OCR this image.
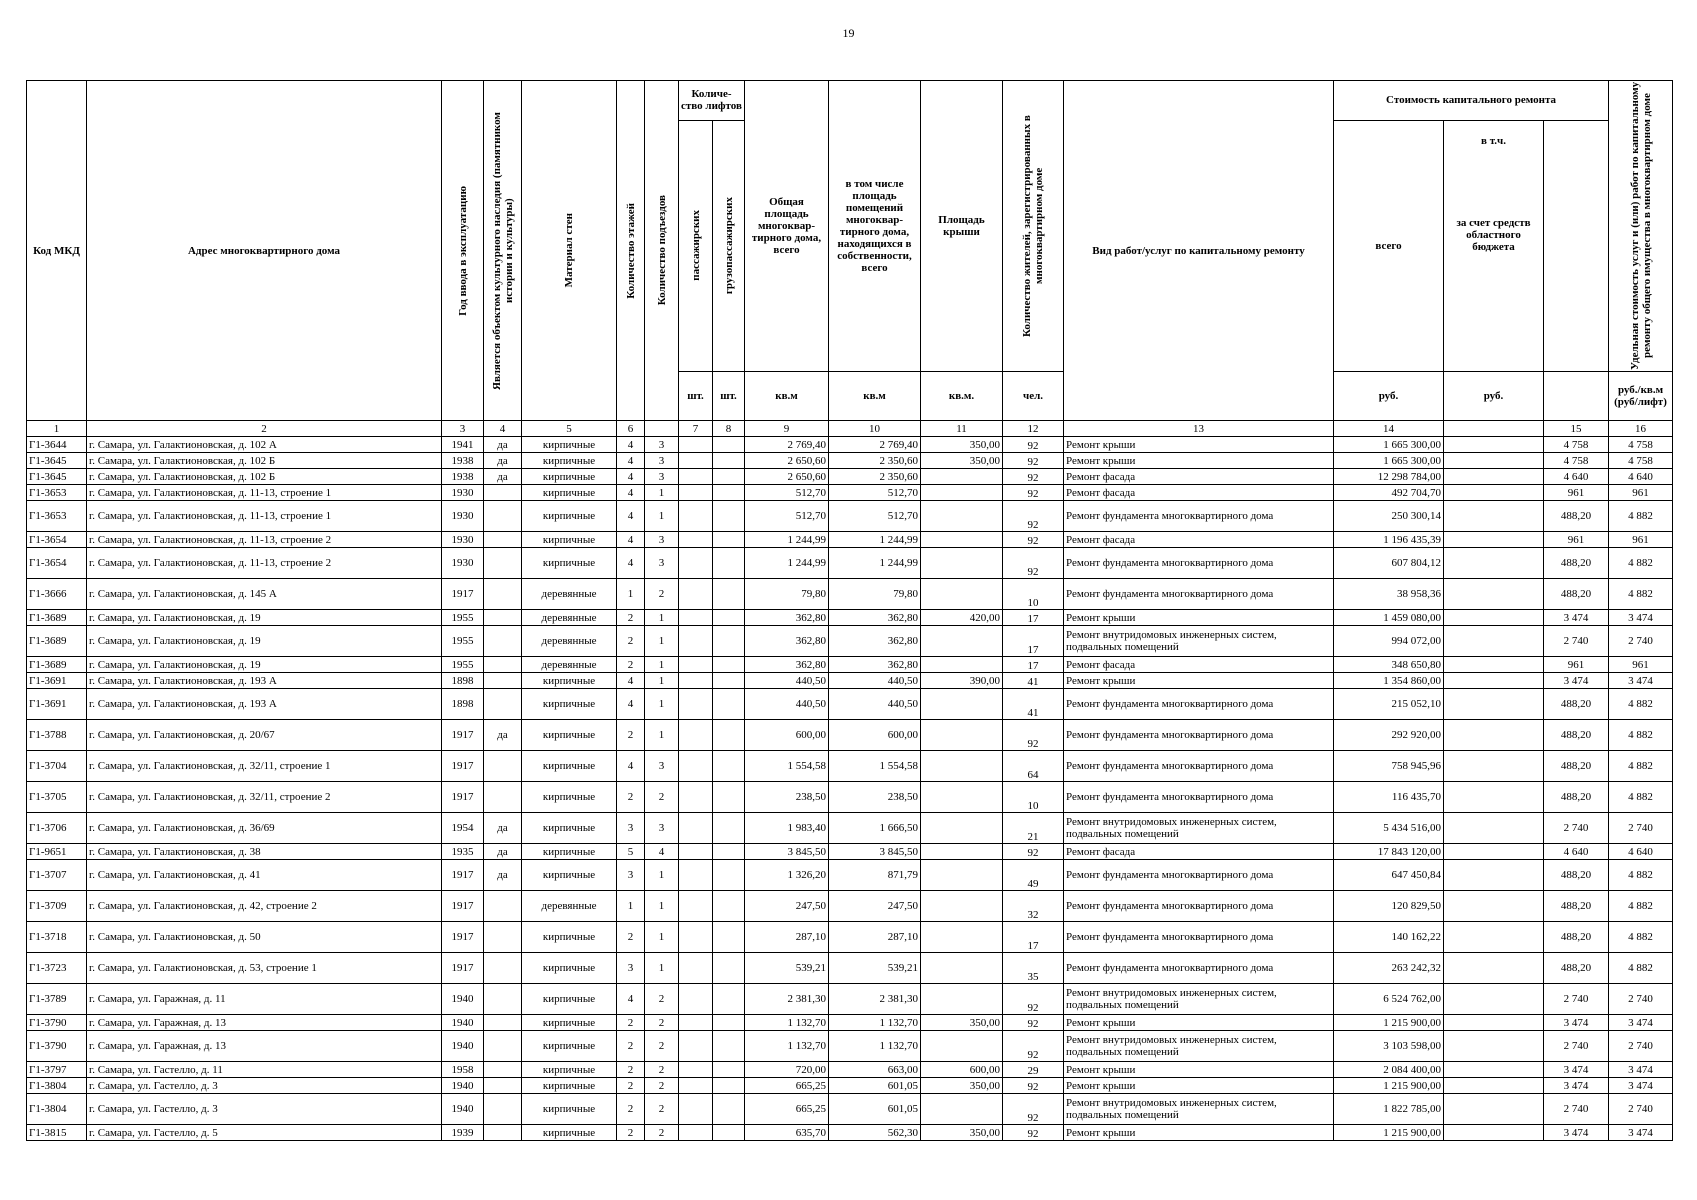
19
Код МКД	Адрес многоквартирного дома	Год ввода в эксплуатацию	Является объектом культурного наследия (памятником истории и культуры)	Материал стен	Количество этажей	Количество подъездов	Количе-ство лифтов		Общая площадь многоквар-тирного дома, всего	в том числе площадь помещений многоквар-тирного дома, находящихся в собственности, всего	Площадь крыши	Количество жителей, зарегистрированных в многоквартирном доме	Вид работ/услуг по капитальному ремонту	Стоимость капитального ремонта			Удельная стоимость услуг и (или) работ по капитальному ремонту общего имущества в многоквартирном доме

							пассажирских	грузопассажирских						всего	в т.ч.
за счет средств областного бюджета			

							шт.	шт.	кв.м	кв.м	кв.м.	чел.		руб.	руб.		руб./кв.м (руб/лифт)	
1	2	3	4	5	6		7	8	9	10	11	12	13	14		15	16	
Г1-3644	г. Самара, ул. Галактионовская, д. 102 А	1941	да	кирпичные	4	3			2 769,40	2 769,40	350,00	92	Ремонт крыши	1 665 300,00		4 758	4 758	
Г1-3645	г. Самара, ул. Галактионовская, д. 102 Б	1938	да	кирпичные	4	3			2 650,60	2 350,60	350,00	92	Ремонт крыши	1 665 300,00		4 758	4 758	
Г1-3645	г. Самара, ул. Галактионовская, д. 102 Б	1938	да	кирпичные	4	3			2 650,60	2 350,60		92	Ремонт фасада	12 298 784,00		4 640	4 640	
Г1-3653	г. Самара, ул. Галактионовская, д. 11-13, строение 1	1930		кирпичные	4	1			512,70	512,70		92	Ремонт фасада	492 704,70		961	961	
Г1-3653	г. Самара, ул. Галактионовская, д. 11-13, строение 1	1930		кирпичные	4	1			512,70	512,70		92	Ремонт фундамента многоквартирного дома	250 300,14		488,20	4 882	
Г1-3654	г. Самара, ул. Галактионовская, д. 11-13, строение 2	1930		кирпичные	4	3			1 244,99	1 244,99		92	Ремонт фасада	1 196 435,39		961	961	
Г1-3654	г. Самара, ул. Галактионовская, д. 11-13, строение 2	1930		кирпичные	4	3			1 244,99	1 244,99		92	Ремонт фундамента многоквартирного дома	607 804,12		488,20	4 882	
Г1-3666	г. Самара, ул. Галактионовская, д. 145 А	1917		деревянные	1	2			79,80	79,80		10	Ремонт фундамента многоквартирного дома	38 958,36		488,20	4 882	
Г1-3689	г. Самара, ул. Галактионовская, д. 19	1955		деревянные	2	1			362,80	362,80	420,00	17	Ремонт крыши	1 459 080,00		3 474	3 474	
Г1-3689	г. Самара, ул. Галактионовская, д. 19	1955		деревянные	2	1			362,80	362,80		17	Ремонт внутридомовых инженерных систем, подвальных помещений	994 072,00		2 740	2 740	
Г1-3689	г. Самара, ул. Галактионовская, д. 19	1955		деревянные	2	1			362,80	362,80		17	Ремонт фасада	348 650,80		961	961	
Г1-3691	г. Самара, ул. Галактионовская, д. 193 А	1898		кирпичные	4	1			440,50	440,50	390,00	41	Ремонт крыши	1 354 860,00		3 474	3 474	
Г1-3691	г. Самара, ул. Галактионовская, д. 193 А	1898		кирпичные	4	1			440,50	440,50		41	Ремонт фундамента многоквартирного дома	215 052,10		488,20	4 882	
Г1-3788	г. Самара, ул. Галактионовская, д. 20/67	1917	да	кирпичные	2	1			600,00	600,00		92	Ремонт фундамента многоквартирного дома	292 920,00		488,20	4 882	
Г1-3704	г. Самара, ул. Галактионовская, д. 32/11, строение 1	1917		кирпичные	4	3			1 554,58	1 554,58		64	Ремонт фундамента многоквартирного дома	758 945,96		488,20	4 882	
Г1-3705	г. Самара, ул. Галактионовская, д. 32/11, строение 2	1917		кирпичные	2	2			238,50	238,50		10	Ремонт фундамента многоквартирного дома	116 435,70		488,20	4 882	
Г1-3706	г. Самара, ул. Галактионовская, д. 36/69	1954	да	кирпичные	3	3			1 983,40	1 666,50		21	Ремонт внутридомовых инженерных систем, подвальных помещений	5 434 516,00		2 740	2 740	
Г1-9651	г. Самара, ул. Галактионовская, д. 38	1935	да	кирпичные	5	4			3 845,50	3 845,50		92	Ремонт фасада	17 843 120,00		4 640	4 640	
Г1-3707	г. Самара, ул. Галактионовская, д. 41	1917	да	кирпичные	3	1			1 326,20	871,79		49	Ремонт фундамента многоквартирного дома	647 450,84		488,20	4 882	
Г1-3709	г. Самара, ул. Галактионовская, д. 42, строение 2	1917		деревянные	1	1			247,50	247,50		32	Ремонт фундамента многоквартирного дома	120 829,50		488,20	4 882	
Г1-3718	г. Самара, ул. Галактионовская, д. 50	1917		кирпичные	2	1			287,10	287,10		17	Ремонт фундамента многоквартирного дома	140 162,22		488,20	4 882	
Г1-3723	г. Самара, ул. Галактионовская, д. 53, строение 1	1917		кирпичные	3	1			539,21	539,21		35	Ремонт фундамента многоквартирного дома	263 242,32		488,20	4 882	
Г1-3789	г. Самара, ул. Гаражная, д. 11	1940		кирпичные	4	2			2 381,30	2 381,30		92	Ремонт внутридомовых инженерных систем, подвальных помещений	6 524 762,00		2 740	2 740	
Г1-3790	г. Самара, ул. Гаражная, д. 13	1940		кирпичные	2	2			1 132,70	1 132,70	350,00	92	Ремонт крыши	1 215 900,00		3 474	3 474	
Г1-3790	г. Самара, ул. Гаражная, д. 13	1940		кирпичные	2	2			1 132,70	1 132,70		92	Ремонт внутридомовых инженерных систем, подвальных помещений	3 103 598,00		2 740	2 740	
Г1-3797	г. Самара, ул. Гастелло, д. 11	1958		кирпичные	2	2			720,00	663,00	600,00	29	Ремонт крыши	2 084 400,00		3 474	3 474	
Г1-3804	г. Самара, ул. Гастелло, д. 3	1940		кирпичные	2	2			665,25	601,05	350,00	92	Ремонт крыши	1 215 900,00		3 474	3 474	
Г1-3804	г. Самара, ул. Гастелло, д. 3	1940		кирпичные	2	2			665,25	601,05		92	Ремонт внутридомовых инженерных систем, подвальных помещений	1 822 785,00		2 740	2 740	
Г1-3815	г. Самара, ул. Гастелло, д. 5	1939		кирпичные	2	2			635,70	562,30	350,00	92	Ремонт крыши	1 215 900,00		3 474	3 474	
